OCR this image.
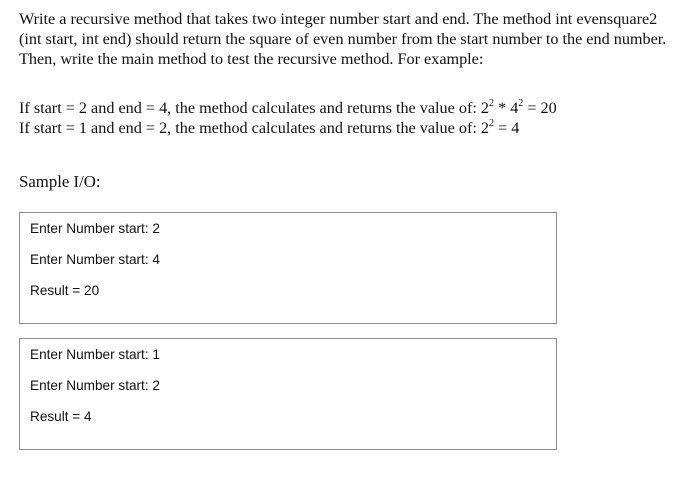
Write a recursive method that takes two integer number start and end. The method int evensquare2

(int start, int end) should return the square of even number from the start number to the end number.

Then, write the main method to test the recursive method. For example:

If start = 2 and end = 4, the method calculates and returns the value of: $2^2 * 4^2 = 20$
If start = 1 and end = 2, the method calculates and returns the value of: $2^2 = 4$
Sample I/O:
Enter Number start: 2
Enter Number start: 4
Result = 20
Enter Number start: 1
Enter Number start: 2
Result = 4
